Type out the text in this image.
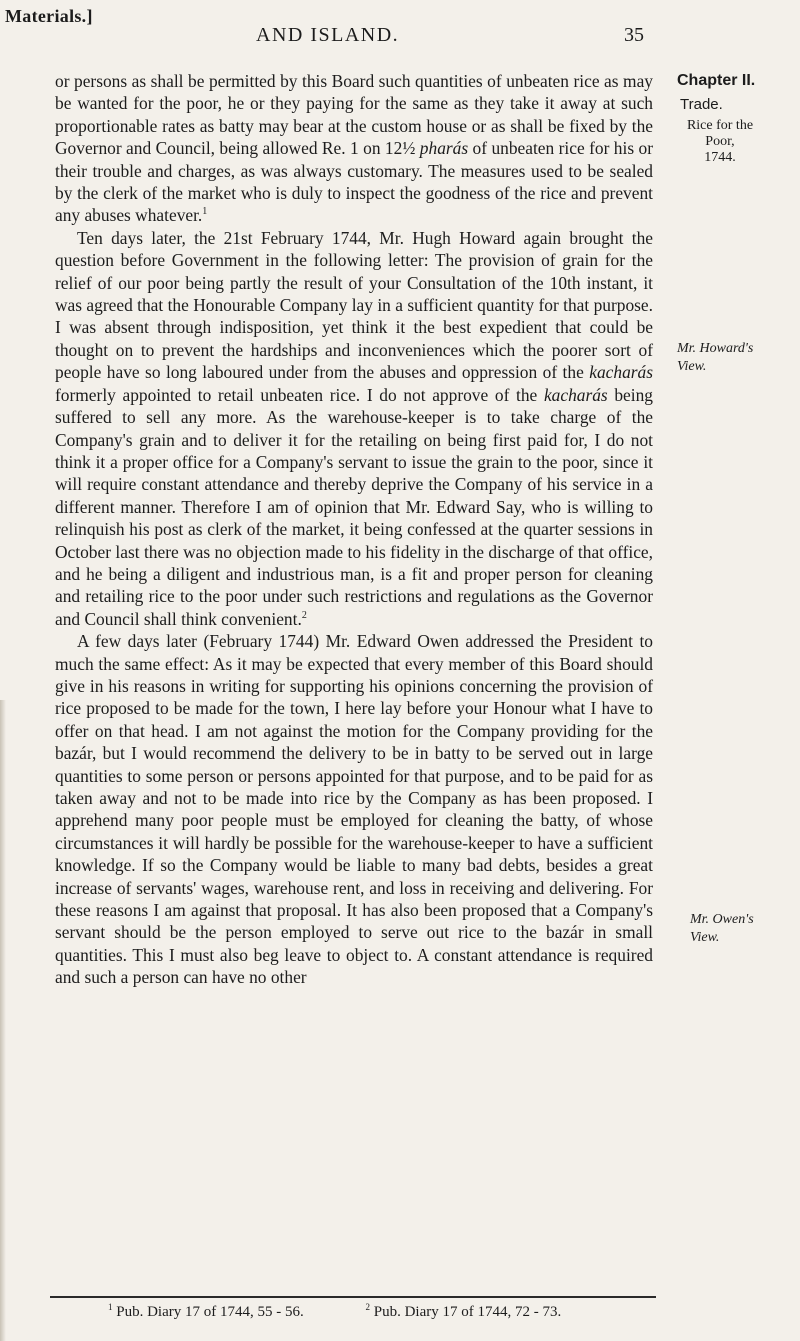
Materials.]
AND ISLAND.	35

or persons as shall be permitted by this Board such quantities of unbeaten rice as may be wanted for the poor, he or they paying for the same as they take it away at such proportionable rates as batty may bear at the custom house or as shall be fixed by the Governor and Council, being allowed Re. 1 on 12½ pharás of unbeaten rice for his or their trouble and charges, as was always customary. The measures used to be sealed by the clerk of the market who is duly to inspect the goodness of the rice and prevent any abuses whatever.$^1$

Ten days later, the 21st February 1744, Mr. Hugh Howard again brought the question before Government in the following letter: The provision of grain for the relief of our poor being partly the result of your Consultation of the 10th instant, it was agreed that the Honourable Company lay in a sufficient quantity for that purpose. I was absent through indisposition, yet think it the best expedient that could be thought on to prevent the hardships and inconveniences which the poorer sort of people have so long laboured under from the abuses and oppression of the kacharás formerly appointed to retail unbeaten rice. I do not approve of the kacharás being suffered to sell any more. As the warehouse-keeper is to take charge of the Company's grain and to deliver it for the retailing on being first paid for, I do not think it a proper office for a Company's servant to issue the grain to the poor, since it will require constant attendance and thereby deprive the Company of his service in a different manner. Therefore I am of opinion that Mr. Edward Say, who is willing to relinquish his post as clerk of the market, it being confessed at the quarter sessions in October last there was no objection made to his fidelity in the discharge of that office, and he being a diligent and industrious man, is a fit and proper person for cleaning and retailing rice to the poor under such restrictions and regulations as the Governor and Council shall think convenient.$^2$

A few days later (February 1744) Mr. Edward Owen addressed the President to much the same effect: As it may be expected that every member of this Board should give in his reasons in writing for supporting his opinions concerning the provision of rice proposed to be made for the town, I here lay before your Honour what I have to offer on that head. I am not against the motion for the Company providing for the bazár, but I would recommend the delivery to be in batty to be served out in large quantities to some person or persons appointed for that purpose, and to be paid for as taken away and not to be made into rice by the Company as has been proposed. I apprehend many poor people must be employed for cleaning the batty, of whose circumstances it will hardly be possible for the warehouse-keeper to have a sufficient knowledge. If so the Company would be liable to many bad debts, besides a great increase of servants' wages, warehouse rent, and loss in receiving and delivering. For these reasons I am against that proposal. It has also been proposed that a Company's servant should be the person employed to serve out rice to the bazár in small quantities. This I must also beg leave to object to. A constant attendance is required and such a person can have no other

Chapter II.
Trade.
Rice for the
Poor,
1744.
Mr. Howard's
View.
Mr. Owen's
View.
$^1$ Pub. Diary 17 of 1744, 55 - 56.	$^2$ Pub. Diary 17 of 1744, 72 - 73.
